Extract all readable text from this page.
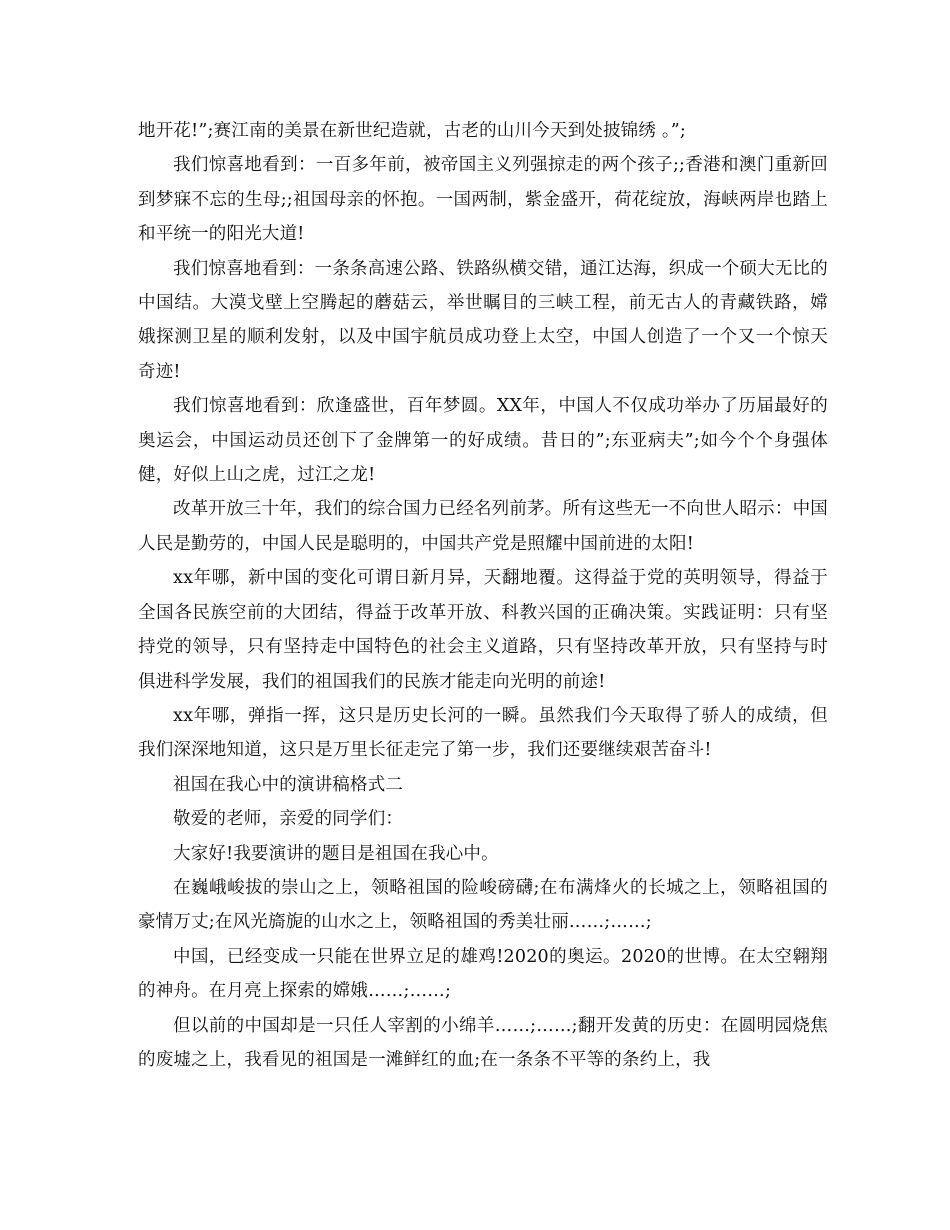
地开花!”;赛江南的美景在新世纪造就，古老的山川今天到处披锦绣 。”;

我们惊喜地看到：一百多年前，被帝国主义列强掠走的两个孩子;;香港和澳门重新回到梦寐不忘的生母;;祖国母亲的怀抱。一国两制，紫金盛开，荷花绽放，海峡两岸也踏上和平统一的阳光大道!

我们惊喜地看到：一条条高速公路、铁路纵横交错，通江达海，织成一个硕大无比的中国结。大漠戈壁上空腾起的蘑菇云，举世瞩目的三峡工程，前无古人的青藏铁路，嫦娥探测卫星的顺利发射，以及中国宇航员成功登上太空，中国人创造了一个又一个惊天奇迹!

我们惊喜地看到：欣逢盛世，百年梦圆。XX年，中国人不仅成功举办了历届最好的奥运会，中国运动员还创下了金牌第一的好成绩。昔日的”;东亚病夫”;如今个个身强体健，好似上山之虎，过江之龙!

改革开放三十年，我们的综合国力已经名列前茅。所有这些无一不向世人昭示：中国人民是勤劳的，中国人民是聪明的，中国共产党是照耀中国前进的太阳!

xx年哪，新中国的变化可谓日新月异，天翻地覆。这得益于党的英明领导，得益于全国各民族空前的大团结，得益于改革开放、科教兴国的正确决策。实践证明：只有坚持党的领导，只有坚持走中国特色的社会主义道路，只有坚持改革开放，只有坚持与时俱进科学发展，我们的祖国我们的民族才能走向光明的前途!

xx年哪，弹指一挥，这只是历史长河的一瞬。虽然我们今天取得了骄人的成绩，但我们深深地知道，这只是万里长征走完了第一步，我们还要继续艰苦奋斗!

祖国在我心中的演讲稿格式二

敬爱的老师，亲爱的同学们：

大家好!我要演讲的题目是祖国在我心中。

在巍峨峻拔的崇山之上，领略祖国的险峻磅礴;在布满烽火的长城之上，领略祖国的豪情万丈;在风光旖旎的山水之上，领略祖国的秀美壮丽……;……;

中国，已经变成一只能在世界立足的雄鸡!2020的奥运。2020的世博。在太空翱翔的神舟。在月亮上探索的嫦娥……;……;

但以前的中国却是一只任人宰割的小绵羊……;……;翻开发黄的历史：在圆明园烧焦的废墟之上，我看见的祖国是一滩鲜红的血;在一条条不平等的条约上，我
